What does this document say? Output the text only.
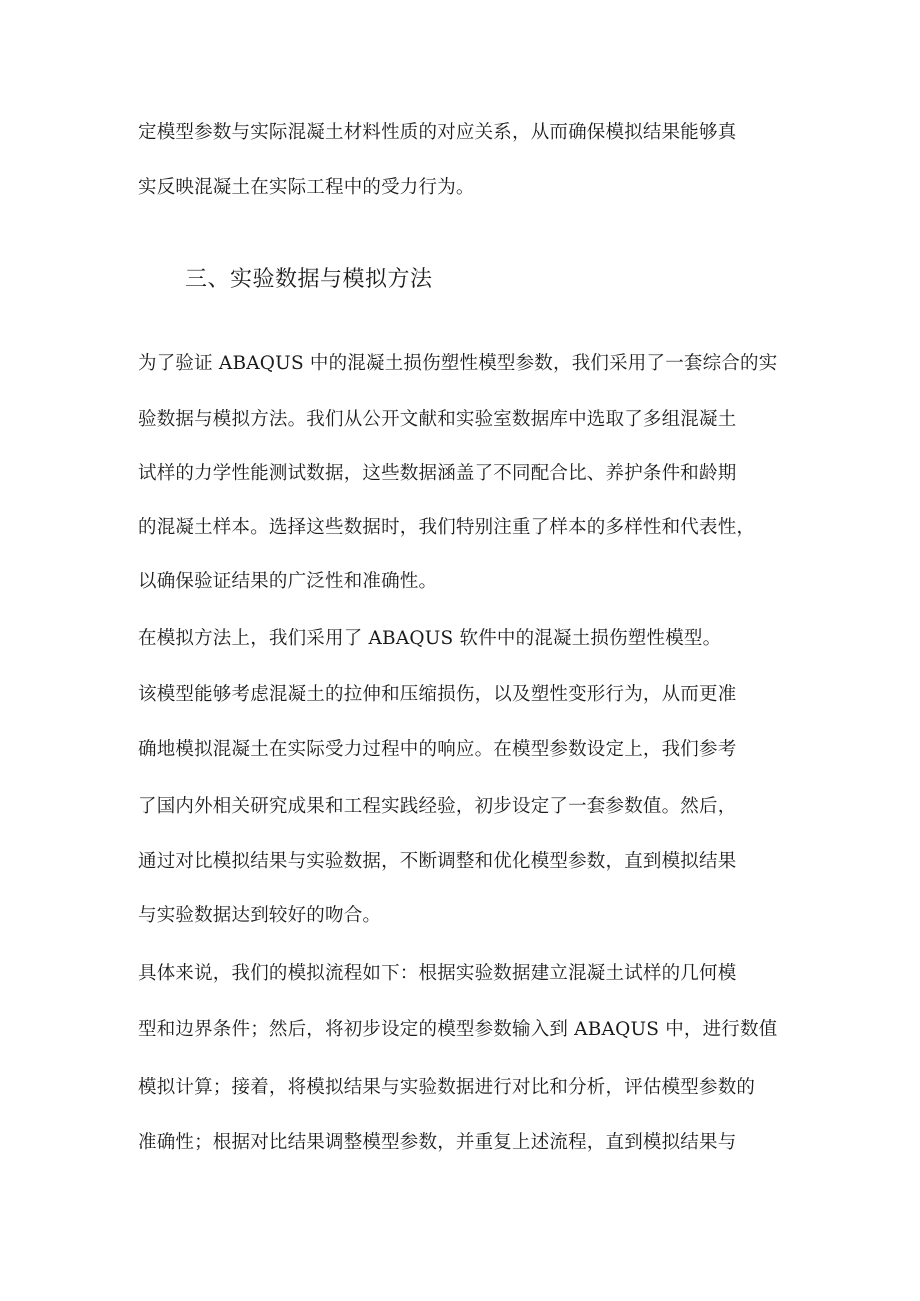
定模型参数与实际混凝土材料性质的对应关系，从而确保模拟结果能够真
实反映混凝土在实际工程中的受力行为。
三、实验数据与模拟方法
为了验证 ABAQUS 中的混凝土损伤塑性模型参数，我们采用了一套综合的实
验数据与模拟方法。我们从公开文献和实验室数据库中选取了多组混凝土
试样的力学性能测试数据，这些数据涵盖了不同配合比、养护条件和龄期
的混凝土样本。选择这些数据时，我们特别注重了样本的多样性和代表性，
以确保验证结果的广泛性和准确性。
在模拟方法上，我们采用了 ABAQUS 软件中的混凝土损伤塑性模型。
该模型能够考虑混凝土的拉伸和压缩损伤，以及塑性变形行为，从而更准
确地模拟混凝土在实际受力过程中的响应。在模型参数设定上，我们参考
了国内外相关研究成果和工程实践经验，初步设定了一套参数值。然后，
通过对比模拟结果与实验数据，不断调整和优化模型参数，直到模拟结果
与实验数据达到较好的吻合。
具体来说，我们的模拟流程如下：根据实验数据建立混凝土试样的几何模
型和边界条件；然后，将初步设定的模型参数输入到 ABAQUS 中，进行数值
模拟计算；接着，将模拟结果与实验数据进行对比和分析，评估模型参数的
准确性；根据对比结果调整模型参数，并重复上述流程，直到模拟结果与
